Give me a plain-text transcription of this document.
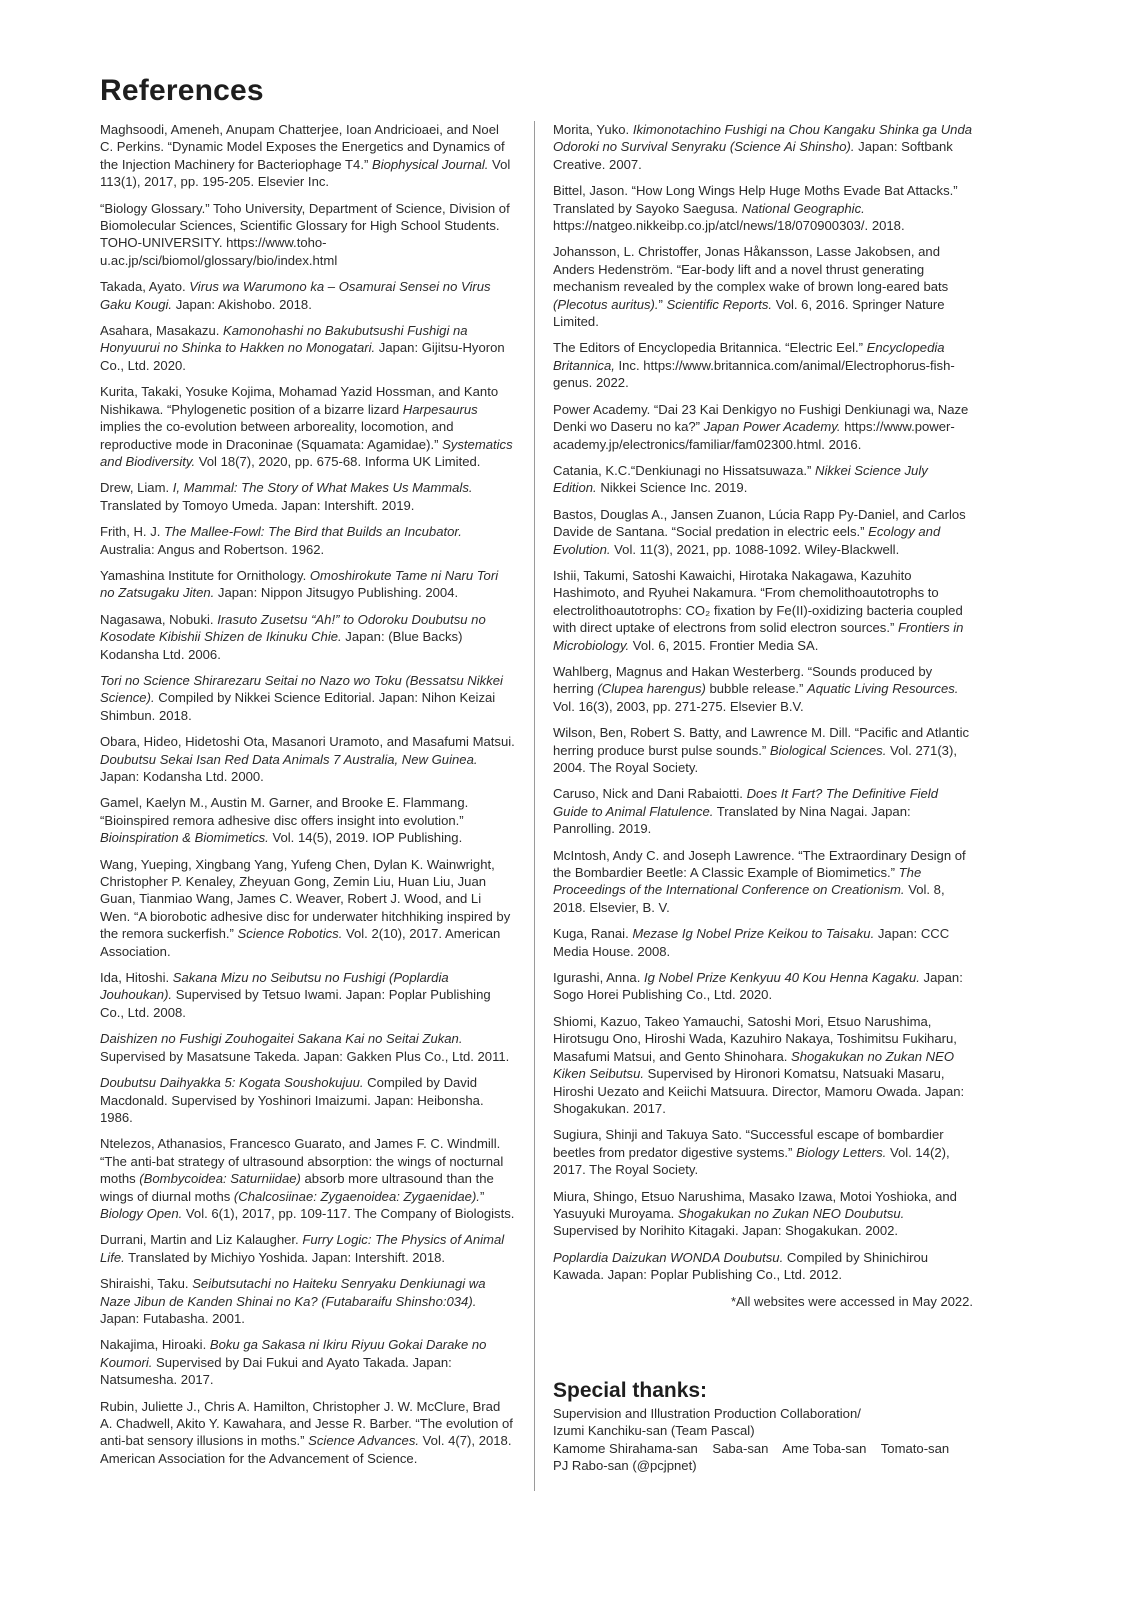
References

Maghsoodi, Ameneh, Anupam Chatterjee, Ioan Andricioaei, and Noel C. Perkins. “Dynamic Model Exposes the Energetics and Dynamics of the Injection Machinery for Bacteriophage T4.” Biophysical Journal. Vol 113(1), 2017, pp. 195-205. Elsevier Inc.

“Biology Glossary.” Toho University, Department of Science, Division of Biomolecular Sciences, Scientific Glossary for High School Students. TOHO-UNIVERSITY. https://www.toho-u.ac.jp/sci/biomol/glossary/bio/index.html

Takada, Ayato. Virus wa Warumono ka – Osamurai Sensei no Virus Gaku Kougi. Japan: Akishobo. 2018.

Asahara, Masakazu. Kamonohashi no Bakubutsushi Fushigi na Honyuurui no Shinka to Hakken no Monogatari. Japan: Gijitsu-Hyoron Co., Ltd. 2020.

Kurita, Takaki, Yosuke Kojima, Mohamad Yazid Hossman, and Kanto Nishikawa. “Phylogenetic position of a bizarre lizard Harpesaurus implies the co-evolution between arboreality, locomotion, and reproductive mode in Draconinae (Squamata: Agamidae).” Systematics and Biodiversity. Vol 18(7), 2020, pp. 675-68. Informa UK Limited.

Drew, Liam. I, Mammal: The Story of What Makes Us Mammals. Translated by Tomoyo Umeda. Japan: Intershift. 2019.

Frith, H. J. The Mallee-Fowl: The Bird that Builds an Incubator. Australia: Angus and Robertson. 1962.

Yamashina Institute for Ornithology. Omoshirokute Tame ni Naru Tori no Zatsugaku Jiten. Japan: Nippon Jitsugyo Publishing. 2004.

Nagasawa, Nobuki. Irasuto Zusetsu “Ah!” to Odoroku Doubutsu no Kosodate Kibishii Shizen de Ikinuku Chie. Japan: (Blue Backs) Kodansha Ltd. 2006.

Tori no Science Shirarezaru Seitai no Nazo wo Toku (Bessatsu Nikkei Science). Compiled by Nikkei Science Editorial. Japan: Nihon Keizai Shimbun. 2018.

Obara, Hideo, Hidetoshi Ota, Masanori Uramoto, and Masafumi Matsui. Doubutsu Sekai Isan Red Data Animals 7 Australia, New Guinea. Japan: Kodansha Ltd. 2000.

Gamel, Kaelyn M., Austin M. Garner, and Brooke E. Flammang. “Bioinspired remora adhesive disc offers insight into evolution.” Bioinspiration & Biomimetics. Vol. 14(5), 2019. IOP Publishing.

Wang, Yueping, Xingbang Yang, Yufeng Chen, Dylan K. Wainwright, Christopher P. Kenaley, Zheyuan Gong, Zemin Liu, Huan Liu, Juan Guan, Tianmiao Wang, James C. Weaver, Robert J. Wood, and Li Wen. “A biorobotic adhesive disc for underwater hitchhiking inspired by the remora suckerfish.” Science Robotics. Vol. 2(10), 2017. American Association.

Ida, Hitoshi. Sakana Mizu no Seibutsu no Fushigi (Poplardia Jouhoukan). Supervised by Tetsuo Iwami. Japan: Poplar Publishing Co., Ltd. 2008.

Daishizen no Fushigi Zouhogaitei Sakana Kai no Seitai Zukan. Supervised by Masatsune Takeda. Japan: Gakken Plus Co., Ltd. 2011.

Doubutsu Daihyakka 5: Kogata Soushokujuu. Compiled by David Macdonald. Supervised by Yoshinori Imaizumi. Japan: Heibonsha. 1986.

Ntelezos, Athanasios, Francesco Guarato, and James F. C. Windmill. “The anti-bat strategy of ultrasound absorption: the wings of nocturnal moths (Bombycoidea: Saturniidae) absorb more ultrasound than the wings of diurnal moths (Chalcosiinae: Zygaenoidea: Zygaenidae).” Biology Open. Vol. 6(1), 2017, pp. 109-117. The Company of Biologists.

Durrani, Martin and Liz Kalaugher. Furry Logic: The Physics of Animal Life. Translated by Michiyo Yoshida. Japan: Intershift. 2018.

Shiraishi, Taku. Seibutsutachi no Haiteku Senryaku Denkiunagi wa Naze Jibun de Kanden Shinai no Ka? (Futabaraifu Shinsho:034). Japan: Futabasha. 2001.

Nakajima, Hiroaki. Boku ga Sakasa ni Ikiru Riyuu Gokai Darake no Koumori. Supervised by Dai Fukui and Ayato Takada. Japan: Natsumesha. 2017.

Rubin, Juliette J., Chris A. Hamilton, Christopher J. W. McClure, Brad A. Chadwell, Akito Y. Kawahara, and Jesse R. Barber. “The evolution of anti-bat sensory illusions in moths.” Science Advances. Vol. 4(7), 2018. American Association for the Advancement of Science.

Morita, Yuko. Ikimonotachino Fushigi na Chou Kangaku Shinka ga Unda Odoroki no Survival Senyraku (Science Ai Shinsho). Japan: Softbank Creative. 2007.

Bittel, Jason. “How Long Wings Help Huge Moths Evade Bat Attacks.” Translated by Sayoko Saegusa. National Geographic. https://natgeo.nikkeibp.co.jp/atcl/news/18/070900303/. 2018.

Johansson, L. Christoffer, Jonas Håkansson, Lasse Jakobsen, and Anders Hedenström. “Ear-body lift and a novel thrust generating mechanism revealed by the complex wake of brown long-eared bats (Plecotus auritus).” Scientific Reports. Vol. 6, 2016. Springer Nature Limited.

The Editors of Encyclopedia Britannica. “Electric Eel.” Encyclopedia Britannica, Inc. https://www.britannica.com/animal/Electrophorus-fish-genus. 2022.

Power Academy. “Dai 23 Kai Denkigyo no Fushigi Denkiunagi wa, Naze Denki wo Daseru no ka?” Japan Power Academy. https://www.power-academy.jp/electronics/familiar/fam02300.html. 2016.

Catania, K.C.“Denkiunagi no Hissatsuwaza.” Nikkei Science July Edition. Nikkei Science Inc. 2019.

Bastos, Douglas A., Jansen Zuanon, Lúcia Rapp Py-Daniel, and Carlos Davide de Santana. “Social predation in electric eels.” Ecology and Evolution. Vol. 11(3), 2021, pp. 1088-1092. Wiley-Blackwell.

Ishii, Takumi, Satoshi Kawaichi, Hirotaka Nakagawa, Kazuhito Hashimoto, and Ryuhei Nakamura. “From chemolithoautotrophs to electrolithoautotrophs: CO₂ fixation by Fe(II)-oxidizing bacteria coupled with direct uptake of electrons from solid electron sources.” Frontiers in Microbiology. Vol. 6, 2015. Frontier Media SA.

Wahlberg, Magnus and Hakan Westerberg. “Sounds produced by herring (Clupea harengus) bubble release.” Aquatic Living Resources. Vol. 16(3), 2003, pp. 271-275. Elsevier B.V.

Wilson, Ben, Robert S. Batty, and Lawrence M. Dill. “Pacific and Atlantic herring produce burst pulse sounds.” Biological Sciences. Vol. 271(3), 2004. The Royal Society.

Caruso, Nick and Dani Rabaiotti. Does It Fart? The Definitive Field Guide to Animal Flatulence. Translated by Nina Nagai. Japan: Panrolling. 2019.

McIntosh, Andy C. and Joseph Lawrence. “The Extraordinary Design of the Bombardier Beetle: A Classic Example of Biomimetics.” The Proceedings of the International Conference on Creationism. Vol. 8, 2018. Elsevier, B. V.

Kuga, Ranai. Mezase Ig Nobel Prize Keikou to Taisaku. Japan: CCC Media House. 2008.

Igurashi, Anna. Ig Nobel Prize Kenkyuu 40 Kou Henna Kagaku. Japan: Sogo Horei Publishing Co., Ltd. 2020.

Shiomi, Kazuo, Takeo Yamauchi, Satoshi Mori, Etsuo Narushima, Hirotsugu Ono, Hiroshi Wada, Kazuhiro Nakaya, Toshimitsu Fukiharu, Masafumi Matsui, and Gento Shinohara. Shogakukan no Zukan NEO Kiken Seibutsu. Supervised by Hironori Komatsu, Natsuaki Masaru, Hiroshi Uezato and Keiichi Matsuura. Director, Mamoru Owada. Japan: Shogakukan. 2017.

Sugiura, Shinji and Takuya Sato. “Successful escape of bombardier beetles from predator digestive systems.” Biology Letters. Vol. 14(2), 2017. The Royal Society.

Miura, Shingo, Etsuo Narushima, Masako Izawa, Motoi Yoshioka, and Yasuyuki Muroyama. Shogakukan no Zukan NEO Doubutsu. Supervised by Norihito Kitagaki. Japan: Shogakukan. 2002.

Poplardia Daizukan WONDA Doubutsu. Compiled by Shinichirou Kawada. Japan: Poplar Publishing Co., Ltd. 2012.

*All websites were accessed in May 2022.

Special thanks:

Supervision and Illustration Production Collaboration/

Izumi Kanchiku-san (Team Pascal)

Kamome Shirahama-san    Saba-san    Ame Toba-san    Tomato-san

PJ Rabo-san (@pcjpnet)
